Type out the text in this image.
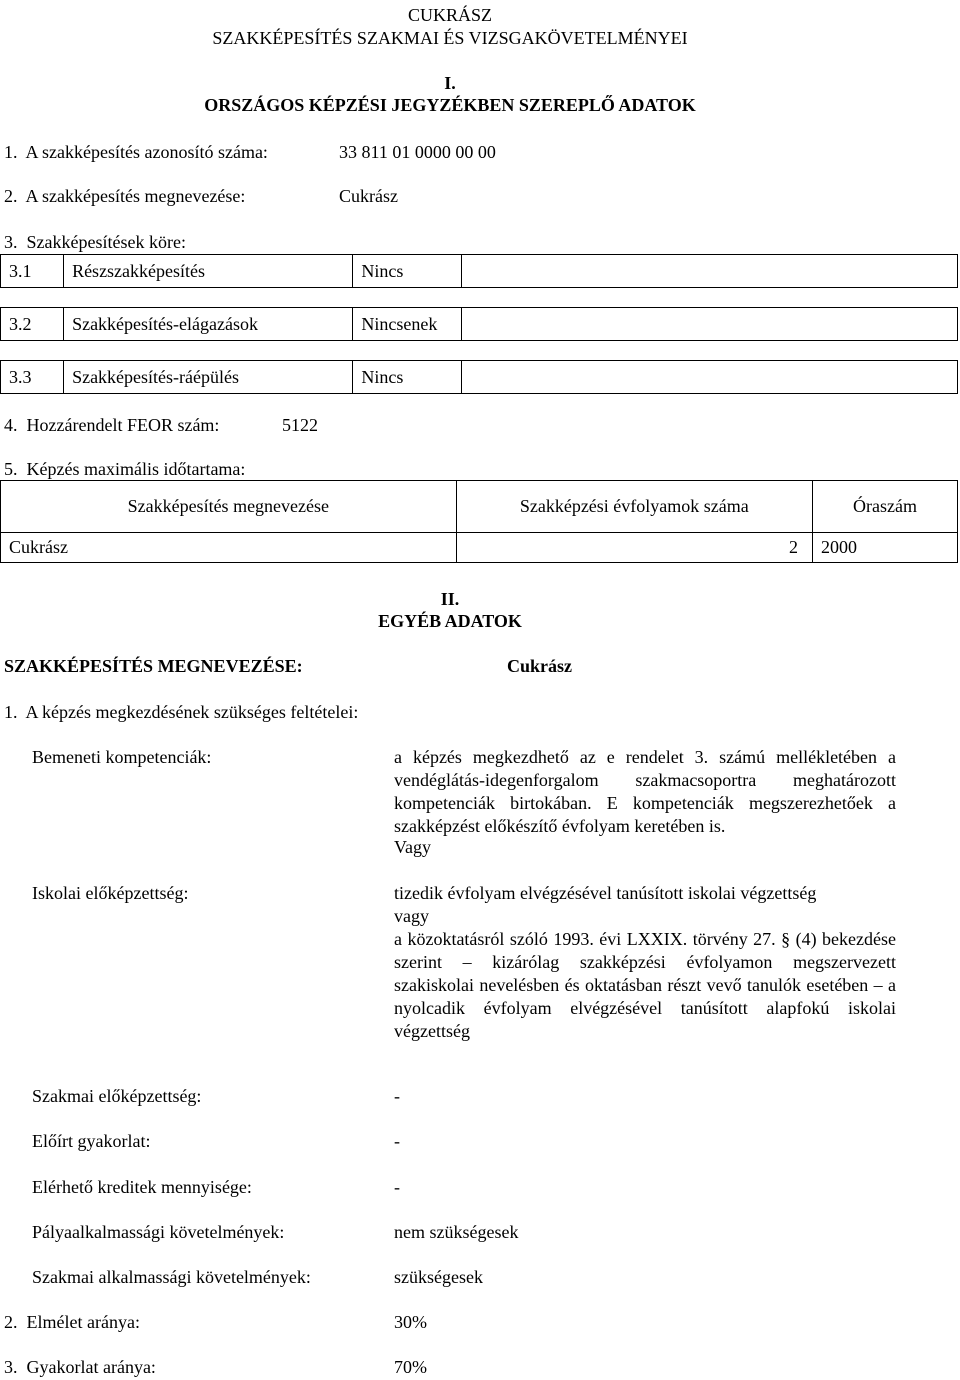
CUKRÁSZ
SZAKKÉPESÍTÉS SZAKMAI ÉS VIZSGAKÖVETELMÉNYEI
I.
ORSZÁGOS KÉPZÉSI JEGYZÉKBEN SZEREPLŐ ADATOK
1.  A szakképesítés azonosító száma:	33 811 01 0000 00 00
2.  A szakképesítés megnevezése:	Cukrász
3.  Szakképesítések köre:
3.1	Részszakképesítés	Nincs	

3.2	Szakképesítés-elágazások	Nincsenek	

3.3	Szakképesítés-ráépülés	Nincs	
4.  Hozzárendelt FEOR szám:	5122
5.  Képzés maximális időtartama:
Szakképesítés megnevezése	Szakképzési évfolyamok száma	Óraszám
Cukrász	2	2000
II.
EGYÉB ADATOK
SZAKKÉPESÍTÉS MEGNEVEZÉSE:	Cukrász
1.  A képzés megkezdésének szükséges feltételei:
Bemeneti kompetenciák:	a képzés megkezdhető az e rendelet 3. számú mellékletében a vendéglátás-idegenforgalom szakmacsoportra meghatározott kompetenciák birtokában. E kompetenciák megszerezhetőek a szakképzést előkészítő évfolyam keretében is.
Vagy
Iskolai előképzettség:	tizedik évfolyam elvégzésével tanúsított iskolai végzettség
vagy
a közoktatásról szóló 1993. évi LXXIX. törvény 27. § (4) bekezdése szerint – kizárólag szakképzési évfolyamon megszervezett szakiskolai nevelésben és oktatásban részt vevő tanulók esetében – a nyolcadik évfolyam elvégzésével tanúsított alapfokú iskolai végzettség
Szakmai előképzettség:	-
Előírt gyakorlat:	-
Elérhető kreditek mennyisége:	-
Pályaalkalmassági követelmények:	nem szükségesek
Szakmai alkalmassági követelmények:	szükségesek
2.  Elmélet aránya:	30%
3.  Gyakorlat aránya:	70%
